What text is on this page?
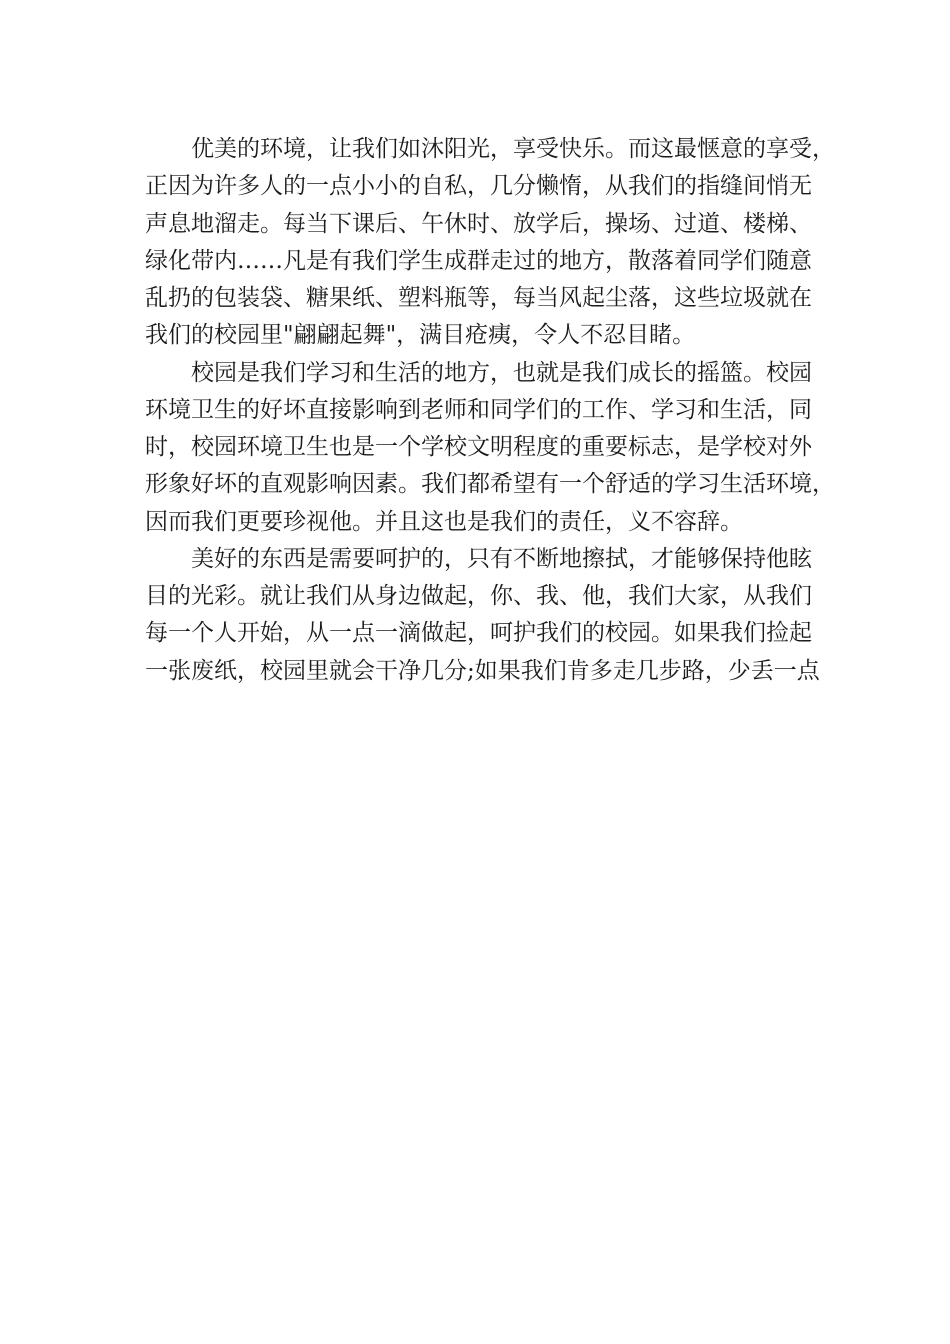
优美的环境，让我们如沐阳光，享受快乐。而这最惬意的享受，
正因为许多人的一点小小的自私，几分懒惰，从我们的指缝间悄无
声息地溜走。每当下课后、午休时、放学后，操场、过道、楼梯、
绿化带内……凡是有我们学生成群走过的地方，散落着同学们随意
乱扔的包装袋、糖果纸、塑料瓶等，每当风起尘落，这些垃圾就在
我们的校园里"翩翩起舞"，满目疮痍，令人不忍目睹。
校园是我们学习和生活的地方，也就是我们成长的摇篮。校园
环境卫生的好坏直接影响到老师和同学们的工作、学习和生活，同
时，校园环境卫生也是一个学校文明程度的重要标志，是学校对外
形象好坏的直观影响因素。我们都希望有一个舒适的学习生活环境，
因而我们更要珍视他。并且这也是我们的责任，义不容辞。
美好的东西是需要呵护的，只有不断地擦拭，才能够保持他眩
目的光彩。就让我们从身边做起，你、我、他，我们大家，从我们
每一个人开始，从一点一滴做起，呵护我们的校园。如果我们捡起
一张废纸，校园里就会干净几分;如果我们肯多走几步路，少丢一点
